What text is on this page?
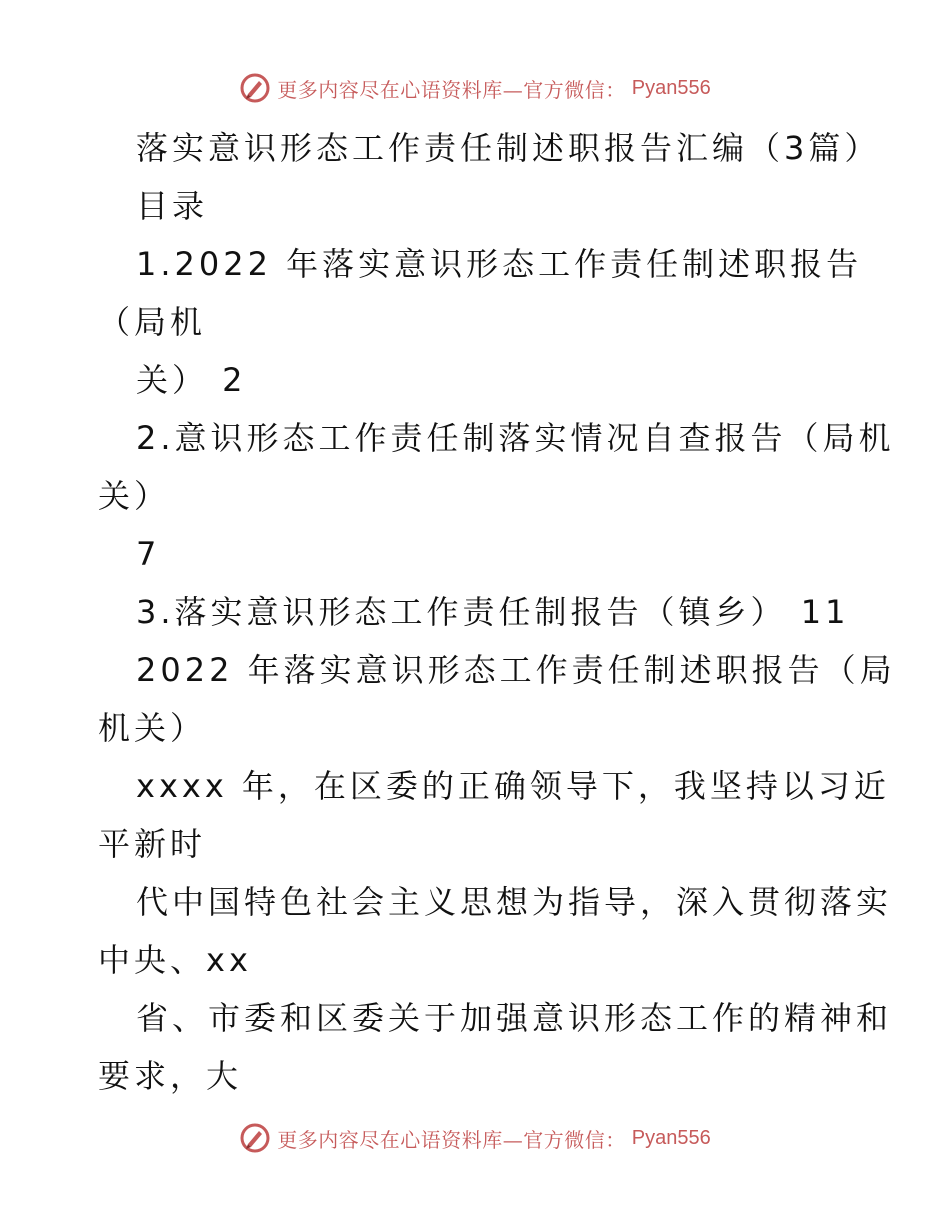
更多内容尽在心语资料库—官方微信： Pyan556
落实意识形态工作责任制述职报告汇编（3篇）
目录
1.2022 年落实意识形态工作责任制述职报告
（局机
关） 2
2.意识形态工作责任制落实情况自查报告（局机
关）
7
3.落实意识形态工作责任制报告（镇乡） 11
2022 年落实意识形态工作责任制述职报告（局
机关）
xxxx 年，在区委的正确领导下，我坚持以习近
平新时
代中国特色社会主义思想为指导，深入贯彻落实
中央、xx
省、市委和区委关于加强意识形态工作的精神和
要求，大
更多内容尽在心语资料库—官方微信： Pyan556
